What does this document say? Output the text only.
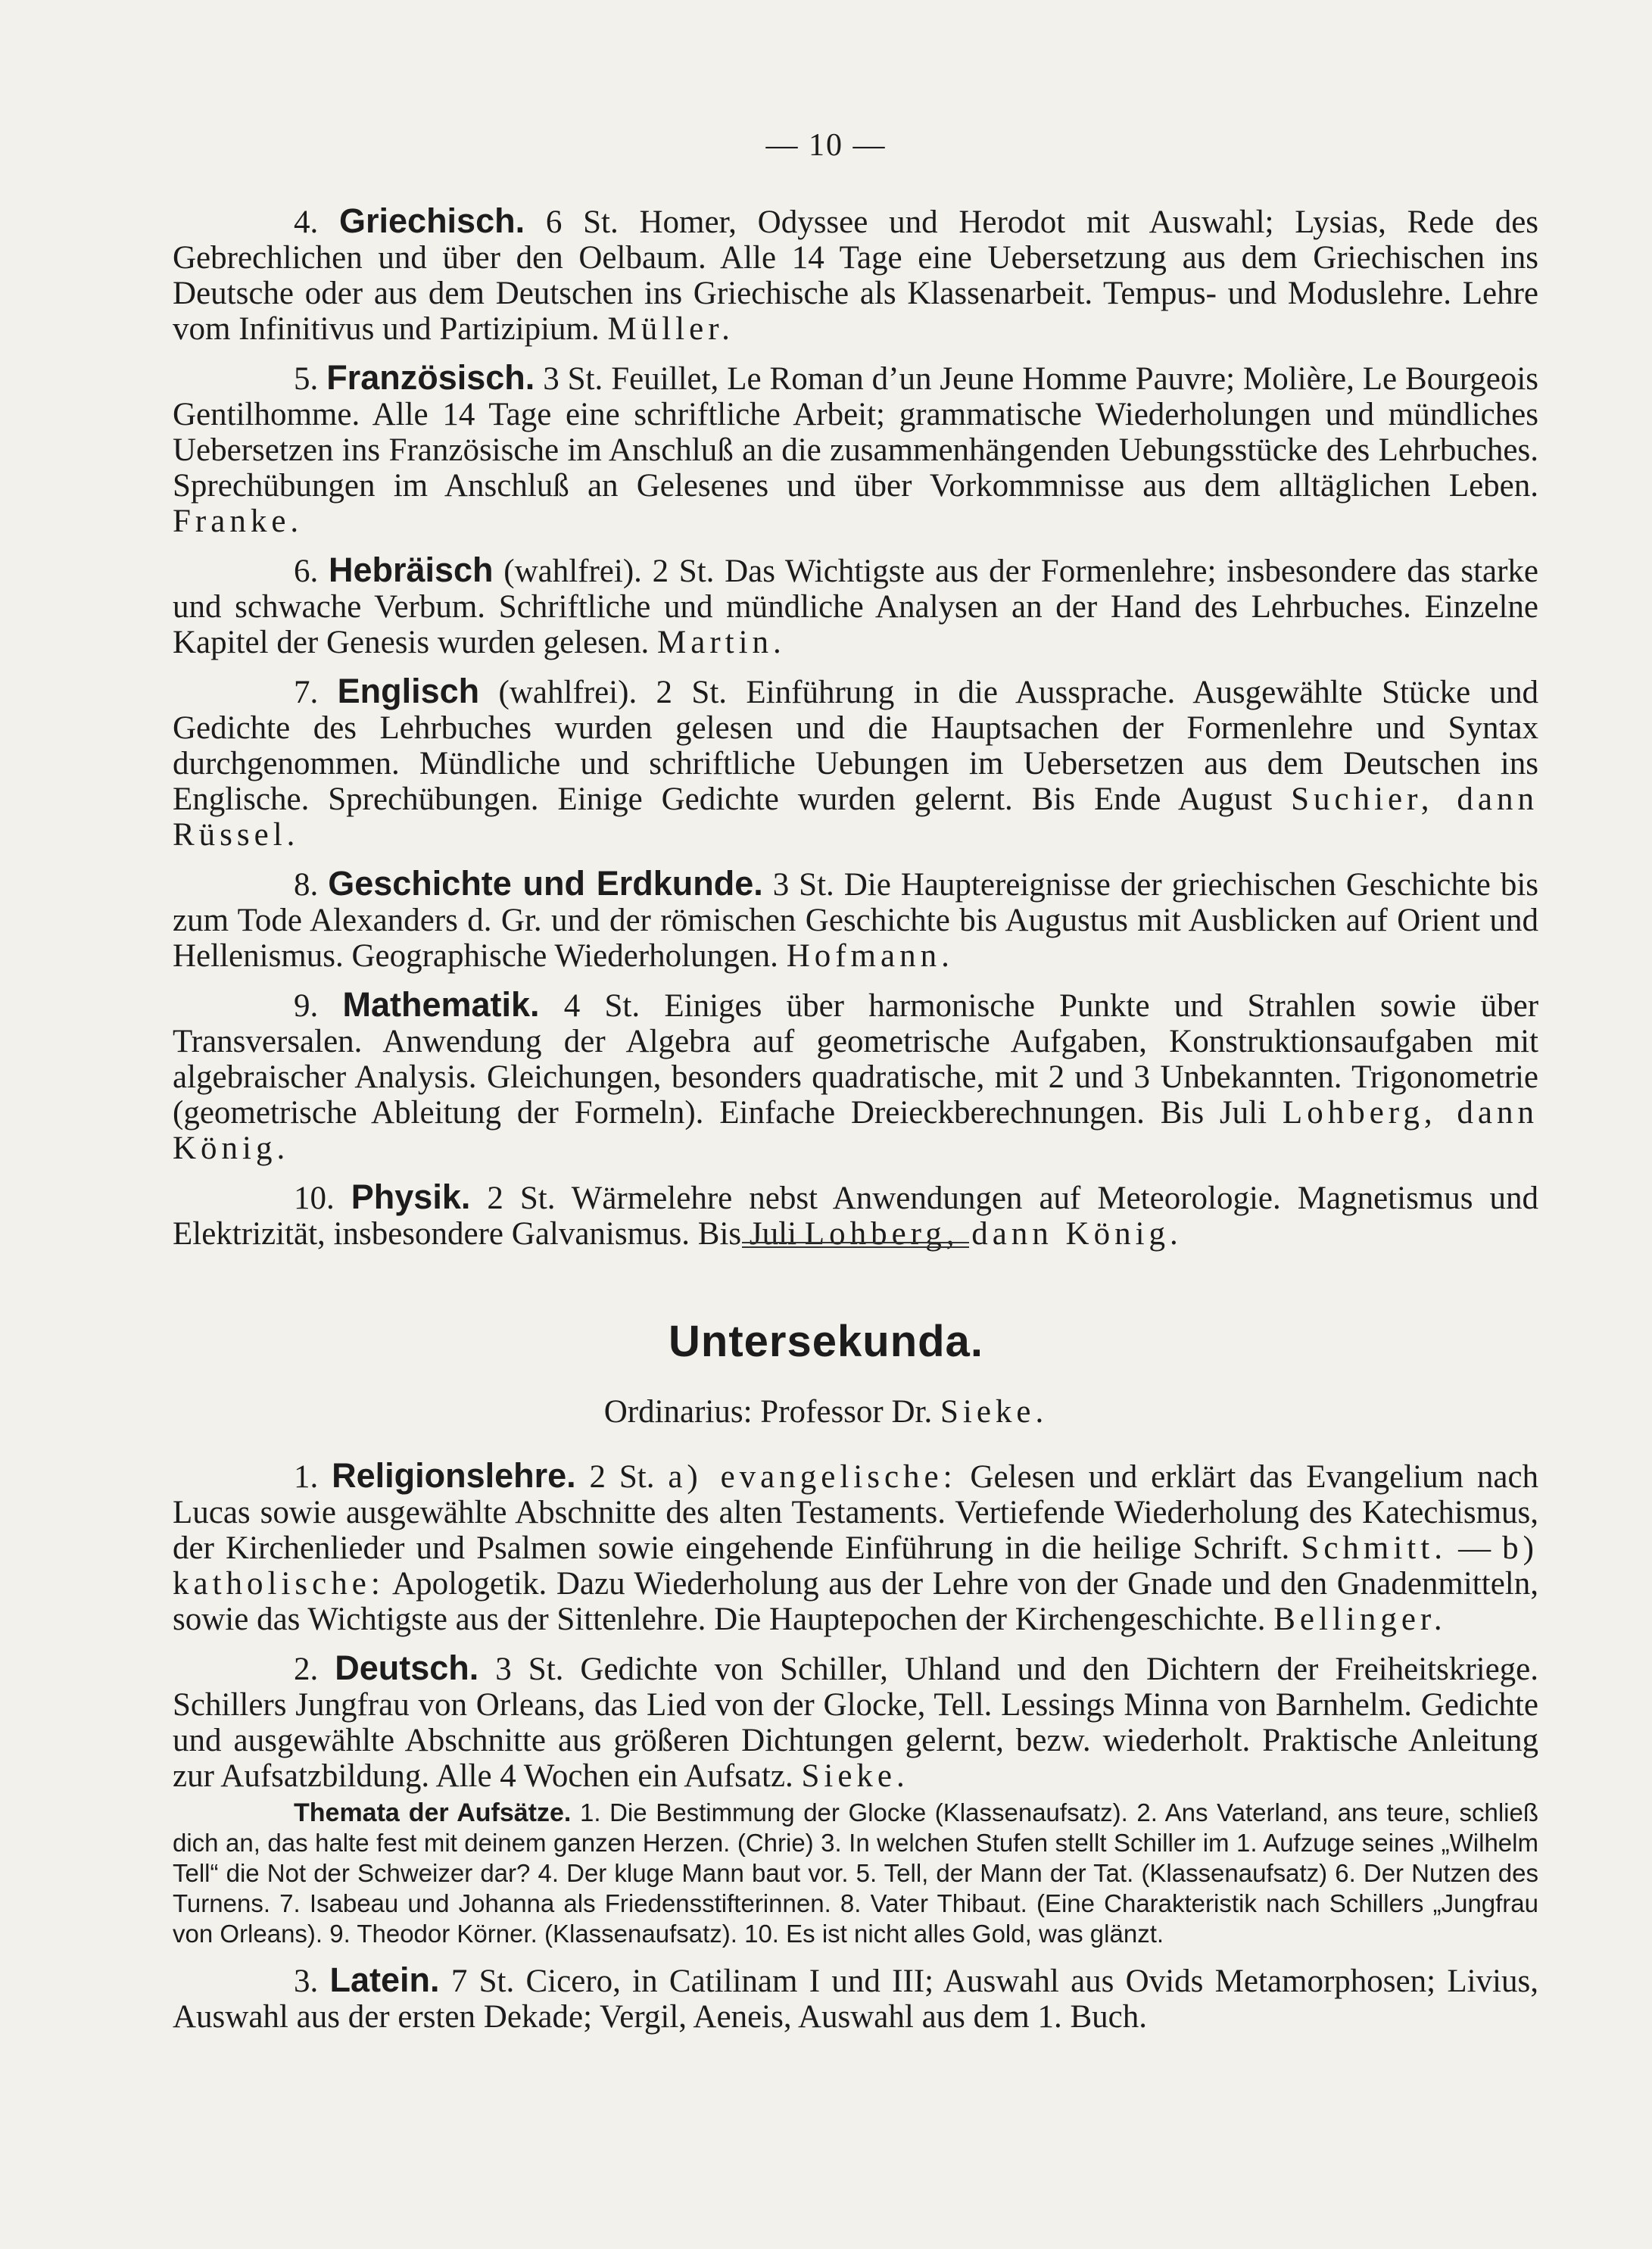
— 10 —

4. Griechisch. 6 St. Homer, Odyssee und Herodot mit Auswahl; Lysias, Rede des Gebrechlichen und über den Oelbaum. Alle 14 Tage eine Uebersetzung aus dem Griechischen ins Deutsche oder aus dem Deutschen ins Griechische als Klassenarbeit. Tempus- und Moduslehre. Lehre vom Infinitivus und Partizipium. Müller.

5. Französisch. 3 St. Feuillet, Le Roman d’un Jeune Homme Pauvre; Molière, Le Bourgeois Gentilhomme. Alle 14 Tage eine schriftliche Arbeit; grammatische Wiederholungen und mündliches Uebersetzen ins Französische im Anschluß an die zusammenhängenden Uebungsstücke des Lehrbuches. Sprechübungen im Anschluß an Gelesenes und über Vorkommnisse aus dem alltäglichen Leben. Franke.

6. Hebräisch (wahlfrei). 2 St. Das Wichtigste aus der Formenlehre; insbesondere das starke und schwache Verbum. Schriftliche und mündliche Analysen an der Hand des Lehrbuches. Einzelne Kapitel der Genesis wurden gelesen. Martin.

7. Englisch (wahlfrei). 2 St. Einführung in die Aussprache. Ausgewählte Stücke und Gedichte des Lehrbuches wurden gelesen und die Hauptsachen der Formenlehre und Syntax durchgenommen. Mündliche und schriftliche Uebungen im Uebersetzen aus dem Deutschen ins Englische. Sprechübungen. Einige Gedichte wurden gelernt. Bis Ende August Suchier, dann Rüssel.

8. Geschichte und Erdkunde. 3 St. Die Hauptereignisse der griechischen Geschichte bis zum Tode Alexanders d. Gr. und der römischen Geschichte bis Augustus mit Ausblicken auf Orient und Hellenismus. Geographische Wiederholungen. Hofmann.

9. Mathematik. 4 St. Einiges über harmonische Punkte und Strahlen sowie über Transversalen. Anwendung der Algebra auf geometrische Aufgaben, Konstruktionsaufgaben mit algebraischer Analysis. Gleichungen, besonders quadratische, mit 2 und 3 Unbekannten. Trigonometrie (geometrische Ableitung der Formeln). Einfache Dreieckberechnungen. Bis Juli Lohberg, dann König.

10. Physik. 2 St. Wärmelehre nebst Anwendungen auf Meteorologie. Magnetismus und Elektrizität, insbesondere Galvanismus. Bis Juli Lohberg, dann König.

Untersekunda.
Ordinarius: Professor Dr. Sieke.

1. Religionslehre. 2 St. a) evangelische: Gelesen und erklärt das Evangelium nach Lucas sowie ausgewählte Abschnitte des alten Testaments. Vertiefende Wiederholung des Katechismus, der Kirchenlieder und Psalmen sowie eingehende Einführung in die heilige Schrift. Schmitt. — b) katholische: Apologetik. Dazu Wiederholung aus der Lehre von der Gnade und den Gnadenmitteln, sowie das Wichtigste aus der Sittenlehre. Die Hauptepochen der Kirchengeschichte. Bellinger.

2. Deutsch. 3 St. Gedichte von Schiller, Uhland und den Dichtern der Freiheitskriege. Schillers Jungfrau von Orleans, das Lied von der Glocke, Tell. Lessings Minna von Barnhelm. Gedichte und ausgewählte Abschnitte aus größeren Dichtungen gelernt, bezw. wiederholt. Praktische Anleitung zur Aufsatzbildung. Alle 4 Wochen ein Aufsatz. Sieke.

Themata der Aufsätze. 1. Die Bestimmung der Glocke (Klassenaufsatz). 2. Ans Vaterland, ans teure, schließ dich an, das halte fest mit deinem ganzen Herzen. (Chrie) 3. In welchen Stufen stellt Schiller im 1. Aufzuge seines „Wilhelm Tell“ die Not der Schweizer dar? 4. Der kluge Mann baut vor. 5. Tell, der Mann der Tat. (Klassenaufsatz) 6. Der Nutzen des Turnens. 7. Isabeau und Johanna als Friedensstifterinnen. 8. Vater Thibaut. (Eine Charakteristik nach Schillers „Jungfrau von Orleans). 9. Theodor Körner. (Klassenaufsatz). 10. Es ist nicht alles Gold, was glänzt.

3. Latein. 7 St. Cicero, in Catilinam I und III; Auswahl aus Ovids Metamorphosen; Livius, Auswahl aus der ersten Dekade; Vergil, Aeneis, Auswahl aus dem 1. Buch.
